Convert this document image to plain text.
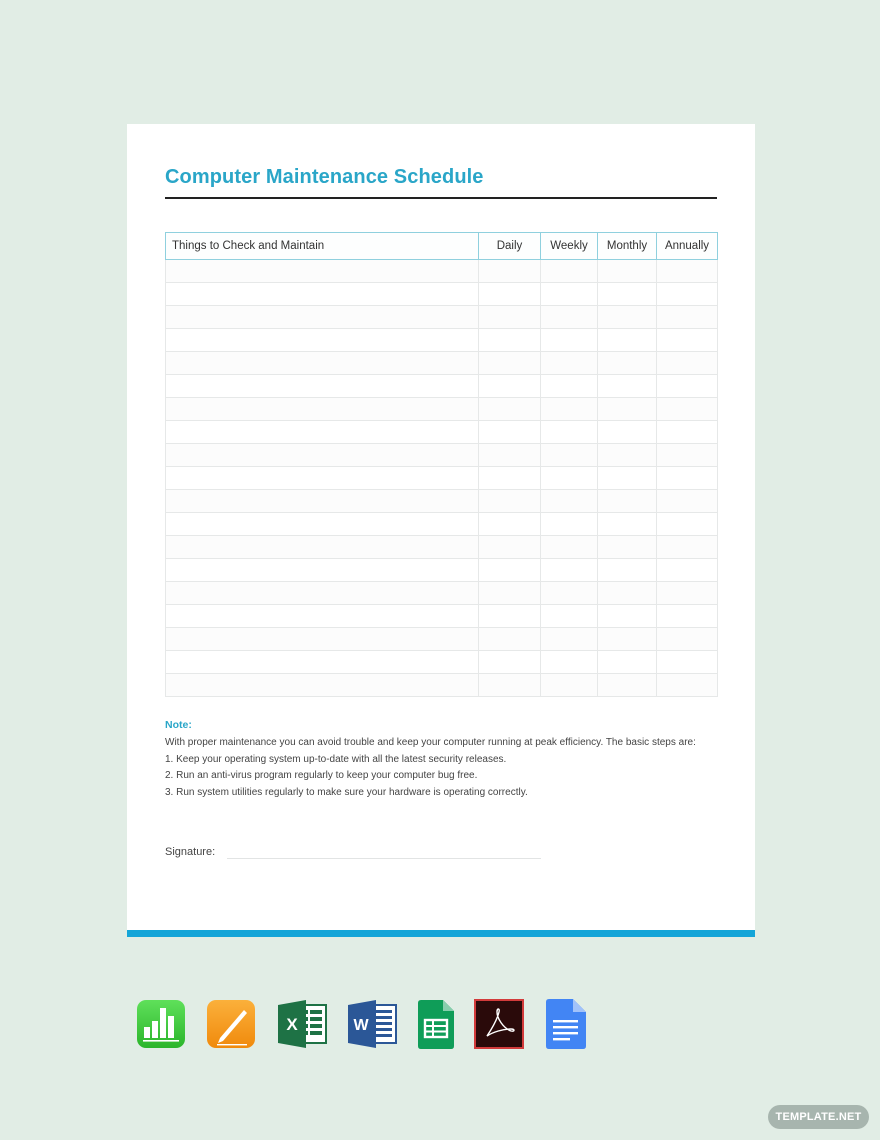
Computer Maintenance Schedule
Things to Check and Maintain	Daily	Weekly	Monthly	Annually

Note:

With proper maintenance you can avoid trouble and keep your computer running at peak efficiency. The basic steps are:

1. Keep your operating system up-to-date with all the latest security releases.

2. Run an anti-virus program regularly to keep your computer bug free.

3. Run system utilities regularly to make sure your hardware is operating correctly.

Signature:
X	W
TEMPLATE.NET
